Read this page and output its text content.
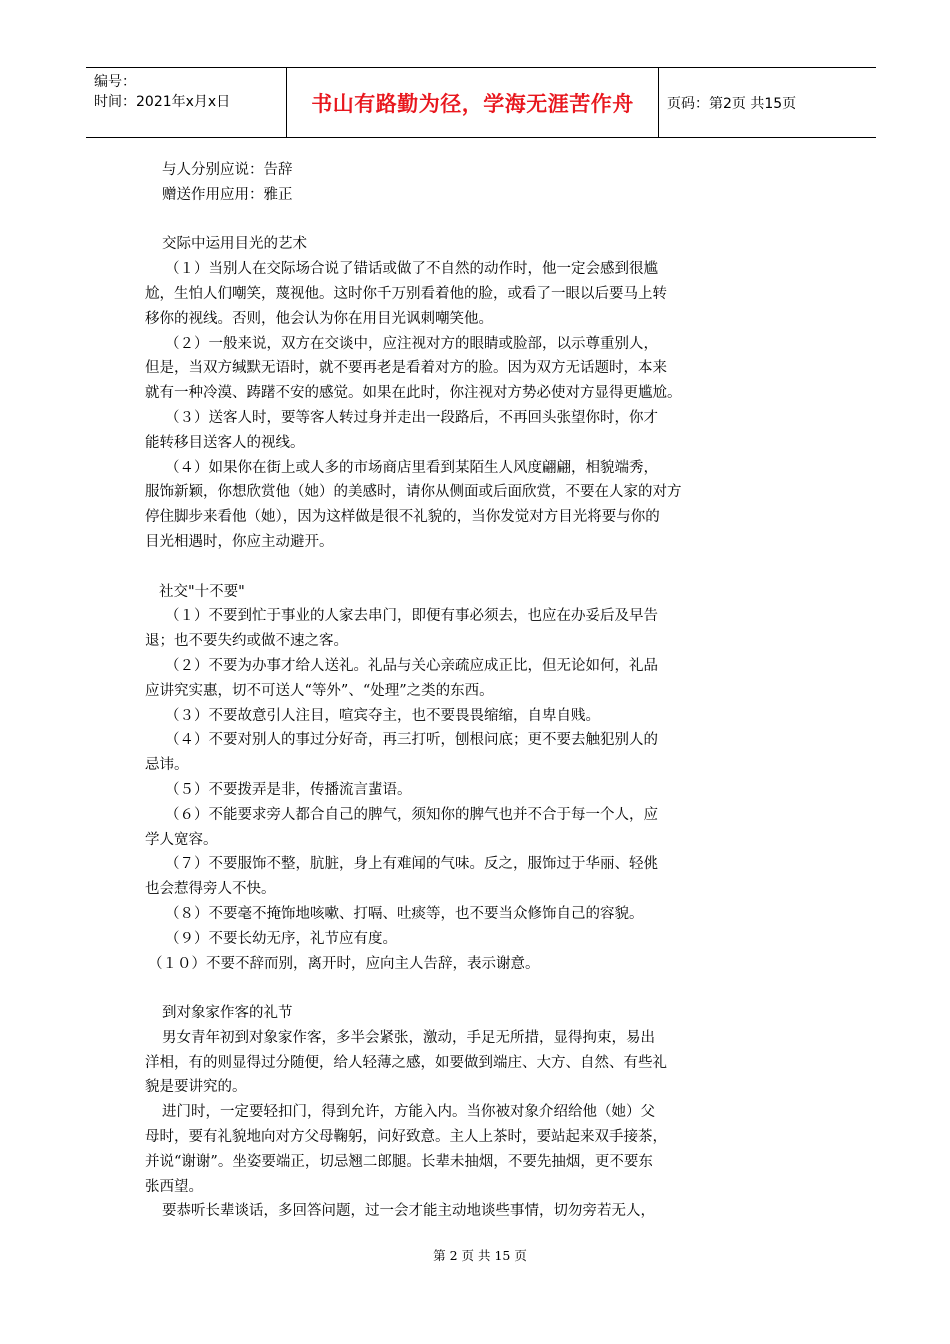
编号：
时间：2021年x月x日	书山有路勤为径，学海无涯苦作舟	页码：第2页 共15页
与人分别应说：告辞
赠送作用应用：雅正
交际中运用目光的艺术
（１）当别人在交际场合说了错话或做了不自然的动作时，他一定会感到很尴
尬，生怕人们嘲笑，蔑视他。这时你千万别看着他的脸，或看了一眼以后要马上转
移你的视线。否则，他会认为你在用目光讽刺嘲笑他。
（２）一般来说，双方在交谈中，应注视对方的眼睛或脸部，以示尊重别人，
但是，当双方缄默无语时，就不要再老是看着对方的脸。因为双方无话题时，本来
就有一种冷漠、踌躇不安的感觉。如果在此时，你注视对方势必使对方显得更尴尬。
（３）送客人时，要等客人转过身并走出一段路后，不再回头张望你时，你才
能转移目送客人的视线。
（４）如果你在街上或人多的市场商店里看到某陌生人风度翩翩，相貌端秀，
服饰新颖，你想欣赏他（她）的美感时，请你从侧面或后面欣赏，不要在人家的对方
停住脚步来看他（她），因为这样做是很不礼貌的，当你发觉对方目光将要与你的
目光相遇时，你应主动避开。
社交"十不要"
（１）不要到忙于事业的人家去串门，即便有事必须去，也应在办妥后及早告
退；也不要失约或做不速之客。
（２）不要为办事才给人送礼。礼品与关心亲疏应成正比，但无论如何，礼品
应讲究实惠，切不可送人“等外”、“处理”之类的东西。
（３）不要故意引人注目，喧宾夺主，也不要畏畏缩缩，自卑自贱。
（４）不要对别人的事过分好奇，再三打听，刨根问底；更不要去触犯别人的
忌讳。
（５）不要拨弄是非，传播流言蜚语。
（６）不能要求旁人都合自己的脾气，须知你的脾气也并不合于每一个人，应
学人宽容。
（７）不要服饰不整，肮脏，身上有难闻的气味。反之，服饰过于华丽、轻佻
也会惹得旁人不快。
（８）不要毫不掩饰地咳嗽、打嗝、吐痰等，也不要当众修饰自己的容貌。
（９）不要长幼无序，礼节应有度。
（１０）不要不辞而别，离开时，应向主人告辞，表示谢意。
到对象家作客的礼节
男女青年初到对象家作客，多半会紧张，激动，手足无所措，显得拘束，易出
洋相，有的则显得过分随便，给人轻薄之感，如要做到端庄、大方、自然、有些礼
貌是要讲究的。
进门时，一定要轻扣门，得到允许，方能入内。当你被对象介绍给他（她）父
母时，要有礼貌地向对方父母鞠躬，问好致意。主人上茶时，要站起来双手接茶，
并说“谢谢”。坐姿要端正，切忌翘二郎腿。长辈未抽烟，不要先抽烟，更不要东
张西望。
要恭听长辈谈话，多回答问题，过一会才能主动地谈些事情，切勿旁若无人，
第 2 页 共 15 页
